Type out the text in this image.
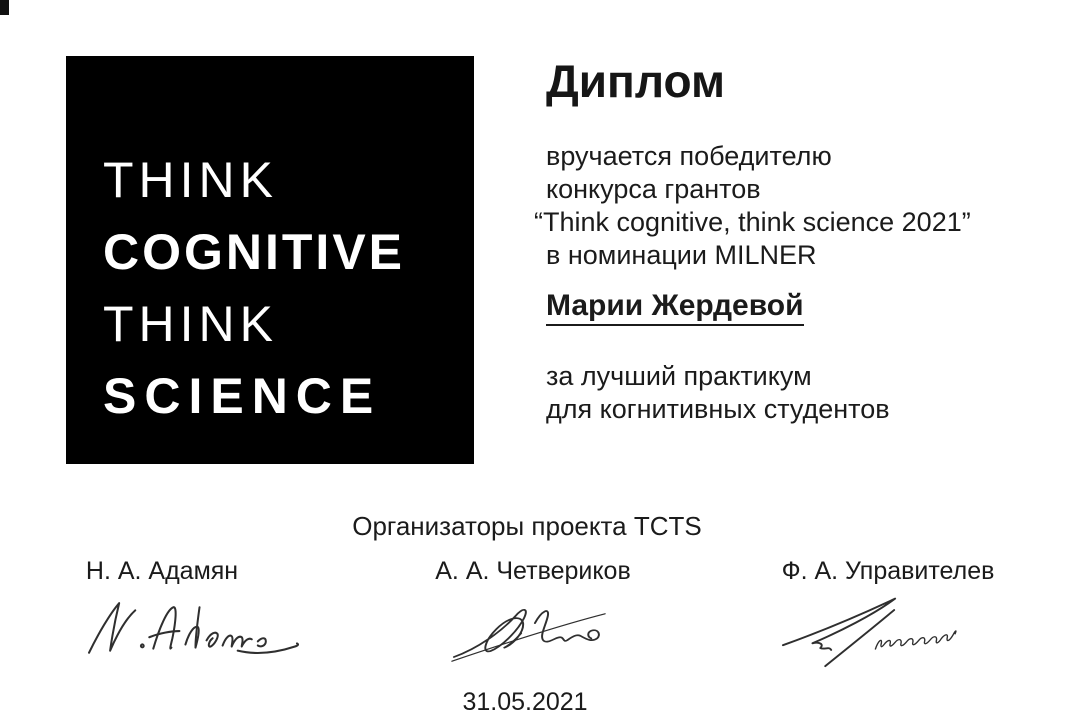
THINK
COGNITIVE
THINK
SCIENCE
Диплом
вручается победителю
конкурса грантов
“Think cognitive, think science 2021”
в номинации MILNER
Марии Жердевой
за лучший практикум
для когнитивных студентов
Организаторы проекта TCTS
Н. А. Адамян	А. А. Четвериков	Ф. А. Управителев
31.05.2021
